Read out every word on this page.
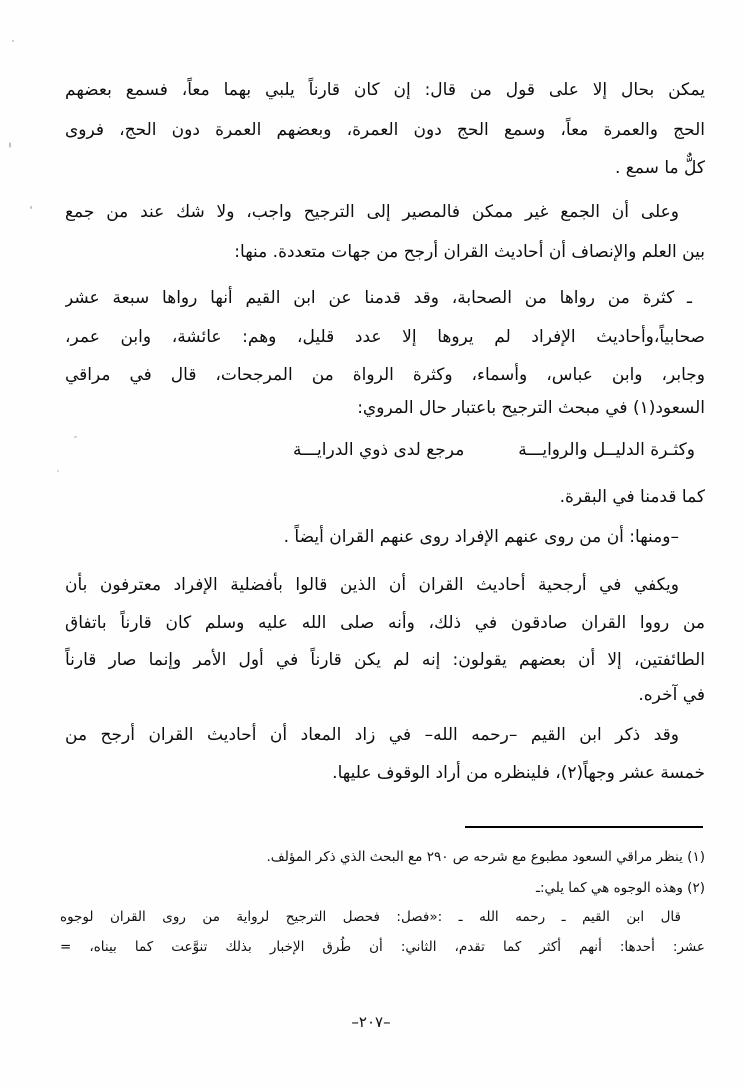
يمكن بحال إلا على قول من قال: إن كان قارناً يلبي بهما معاً، فسمع بعضهم
الحج والعمرة معاً، وسمع الحج دون العمرة، وبعضهم العمرة دون الحج، فروى
كلٌّ ما سمع .
وعلى أن الجمع غير ممكن فالمصير إلى الترجيح واجب، ولا شك عند من جمع
بين العلم والإنصاف أن أحاديث القران أرجح من جهات متعددة. منها:
ـ كثرة من رواها من الصحابة، وقد قدمنا عن ابن القيم أنها رواها سبعة عشر
صحابياً،وأحاديث الإفراد لم يروها إلا عدد قليل، وهم: عائشة، وابن عمر،
وجابر، وابن عباس، وأسماء، وكثرة الرواة من المرجحات، قال في مراقي
السعود(١) في مبحث الترجيح باعتبار حال المروي:
وكثـرة الدليــل والروايـــة
مرجع لدى ذوي الدرايـــة
كما قدمنا في البقرة.
–ومنها: أن من روى عنهم الإفراد روى عنهم القران أيضاً .
ويكفي في أرجحية أحاديث القران أن الذين قالوا بأفضلية الإفراد معترفون بأن
من رووا القران صادقون في ذلك، وأنه صلى الله عليه وسلم كان قارناً باتفاق
الطائفتين، إلا أن بعضهم يقولون: إنه لم يكن قارناً في أول الأمر وإنما صار قارناً
في آخره.
وقد ذكر ابن القيم –رحمه الله– في زاد المعاد أن أحاديث القران أرجح من
خمسة عشر وجهاً(٢)، فلينظره من أراد الوقوف عليها.
(١) ينظر مراقي السعود مطبوع مع شرحه ص ٢٩٠ مع البحث الذي ذكر المؤلف.
(٢) وهذه الوجوه هي كما يلي:ـ
قال ابن القيم ـ رحمه الله ـ :«فصل: فحصل الترجيح لرواية من روى القران لوجوه
عشر: أحدها: أنهم أكثر كما تقدم، الثاني: أن طُرق الإخبار بذلك تنوَّعت كما بيناه، =
–٢٠٧–
